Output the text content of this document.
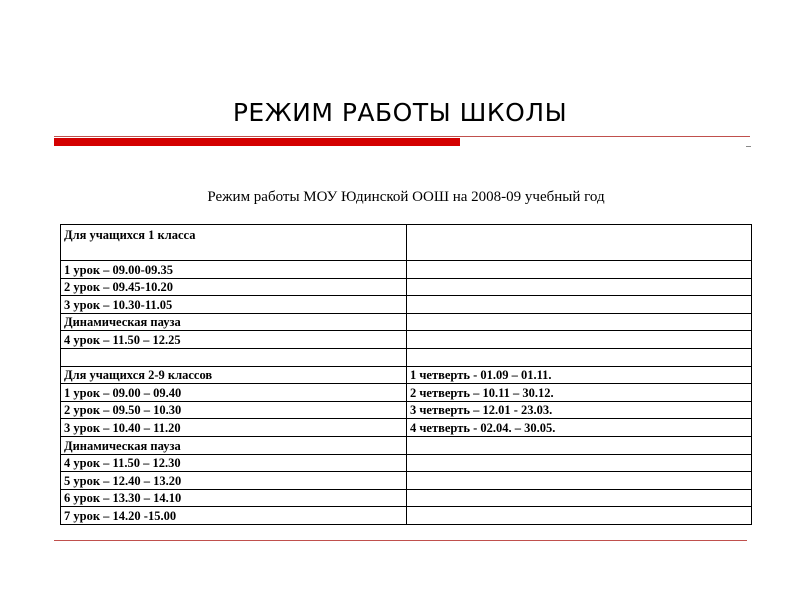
РЕЖИМ РАБОТЫ ШКОЛЫ
Режим работы МОУ Юдинской ООШ на 2008-09 учебный год
Для учащихся 1 класса	
1 урок – 09.00-09.35	
2 урок – 09.45-10.20	
3 урок – 10.30-11.05	
Динамическая пауза	
4 урок – 11.50 – 12.25	

Для учащихся 2-9 классов	1 четверть - 01.09 – 01.11.
1 урок – 09.00 – 09.40	2 четверть – 10.11 – 30.12.
2 урок – 09.50 – 10.30	3 четверть – 12.01 - 23.03.
3 урок – 10.40 – 11.20	4 четверть - 02.04. – 30.05.
Динамическая пауза	
4 урок – 11.50 – 12.30	
5 урок – 12.40 – 13.20	
6 урок – 13.30 – 14.10	
7 урок – 14.20 -15.00	
